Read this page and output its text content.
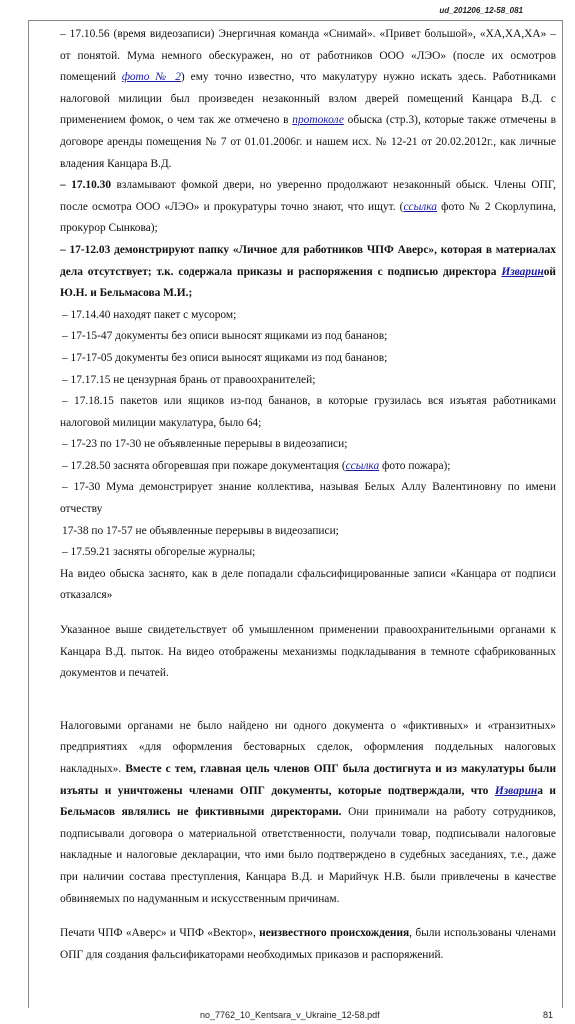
ud_201206_12-58_081

– 17.10.56 (время видеозаписи) Энергичная команда «Снимай». «Привет большой», «ХА,ХА,ХА» – от понятой. Мума немного обескуражен, но от работников ООО «ЛЭО» (после их осмотров помещений фото № 2) ему точно известно, что макулатуру нужно искать здесь. Работниками налоговой милиции был произведен незаконный взлом дверей помещений Канцара В.Д. с применением фомок, о чем так же отмечено в протоколе обыска (стр.3), которые также отмечены в договоре аренды помещения № 7 от 01.01.2006г. и нашем исх. № 12-21 от 20.02.2012г., как личные владения Канцара В.Д.

– 17.10.30 взламывают фомкой двери, но уверенно продолжают незаконный обыск. Члены ОПГ, после осмотра ООО «ЛЭО» и прокуратуры точно знают, что ищут. (ссылка фото № 2 Скорлупина, прокурор Сынкова);

– 17-12.03 демонстрируют папку «Личное для работников ЧПФ Аверс», которая в материалах дела отсутствует; т.к. содержала приказы и распоряжения с подписью директора Извариной Ю.Н. и Бельмасова М.И.;

– 17.14.40 находят пакет с мусором;

– 17-15-47 документы без описи выносят ящиками из под бананов;

– 17-17-05 документы без описи выносят ящиками из под бананов;

– 17.17.15 не цензурная брань от правоохранителей;

– 17.18.15 пакетов или ящиков из-под бананов, в которые грузилась вся изъятая работниками налоговой милиции макулатура, было 64;

– 17-23 по 17-30 не объявленные перерывы в видеозаписи;

– 17.28.50 заснята обгоревшая при пожаре документация (ссылка фото пожара);

– 17-30 Мума демонстрирует знание коллектива, называя Белых Аллу Валентиновну по имени отчеству

17-38 по 17-57 не объявленные перерывы в видеозаписи;

– 17.59.21 засняты обгорелые журналы;

На видео обыска заснято, как в деле попадали сфальсифицированные записи «Канцара от подписи отказался»

Указанное выше свидетельствует об умышленном применении правоохранительными органами к Канцара В.Д. пыток. На видео отображены механизмы подкладывания в темноте сфабрикованных документов и печатей.

Налоговыми органами не было найдено ни одного документа о «фиктивных» и «транзитных» предприятиях «для оформления бестоварных сделок, оформления поддельных налоговых накладных». Вместе с тем, главная цель членов ОПГ была достигнута и из макулатуры были изъяты и уничтожены членами ОПГ документы, которые подтверждали, что Изварина и Бельмасов являлись не фиктивными директорами. Они принимали на работу сотрудников, подписывали договора о материальной ответственности, получали товар, подписывали налоговые накладные и налоговые декларации, что ими было подтверждено в судебных заседаниях, т.е., даже при наличии состава преступления, Канцара В.Д. и Марийчук Н.В. были привлечены в качестве обвиняемых по надуманным и искусственным причинам.

Печати ЧПФ «Аверс» и ЧПФ «Вектор», неизвестного происхождения, были использованы членами ОПГ для создания фальсификаторами необходимых приказов и распоряжений.

no_7762_10_Kentsara_v_Ukraine_12-58.pdf	81
